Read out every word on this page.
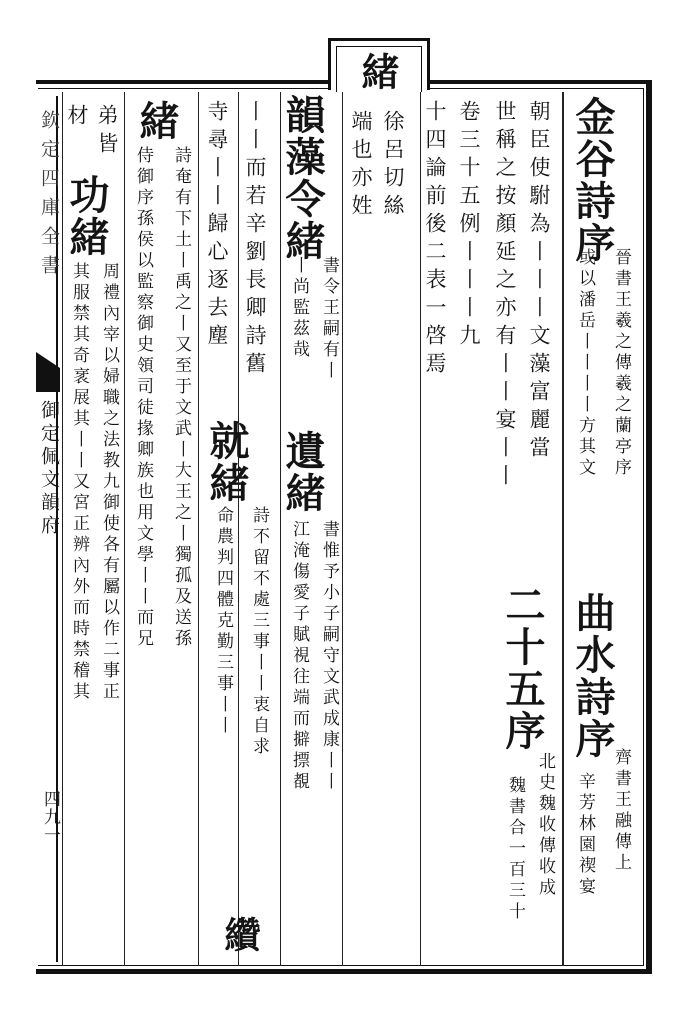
緒
徐呂切絲
端也亦姓	金谷詩序
晉書王羲之傳羲之蘭亭序
或以潘岳丨丨丨丨方其文
朝臣使駙為丨丨丨文藻富麗當
世稱之按顏延之亦有丨丨宴丨丨
卷三十五例丨丨丨九
十四論前後二表一啓焉
曲水詩序
齊書王融傳上
辛芳林園禊宴
二十五序
北史魏收傳收成
魏書合一百三十
韻藻令緒
書令王嗣有丨
丨尚監茲哉
遺緒
書惟予小子嗣守文武成康丨丨
江淹傷愛子賦視往端而擗摽覩
丨丨而若辛劉長卿詩舊
寺尋丨丨歸心逐去塵
就緒
詩不留不處三事丨丨衷自求
命農判四體克勤三事丨丨
纘
緒
詩奄有下土丨禹之丨又至于文武丨大王之丨獨孤及送孫
侍御序孫侯以監察御史領司徒掾卿族也用文學丨丨而兄
弟皆
材
功緒
周禮內宰以婦職之法教九御使各有屬以作二事正
其服禁其奇衺展其丨丨又宮正辨內外而時禁稽其
欽定四庫全書
御定佩文韻府
四九一
